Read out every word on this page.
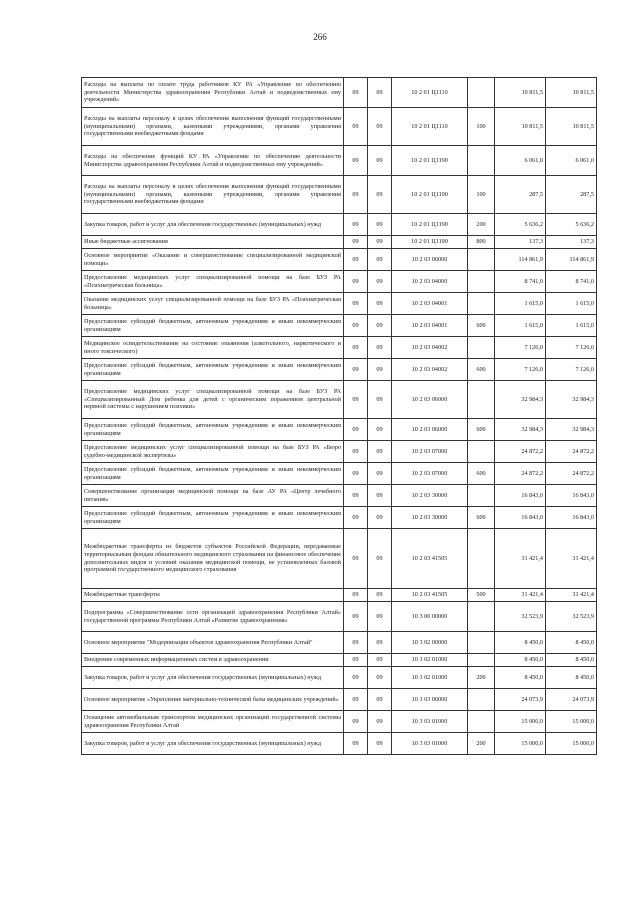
266
Расходы на выплаты по оплате труда работников КУ РА «Управление по обеспечению деятельности Министерства здравоохранения Республики Алтай и подведомственных ему учреждений»	09	09	10 2 01 Ц1110		10 811,5	10 811,5
Расходы на выплаты персоналу в целях обеспечения выполнения функций государственными (муниципальными) органами, казенными учреждениями, органами управления государственными внебюджетными фондами	09	09	10 2 01 Ц1110	100	10 811,5	10 811,5
Расходы на обеспечение функций КУ РА «Управление по обеспечению деятельности Министерства здравоохранения Республики Алтай и подведомственных ему учреждений»	09	09	10 2 01 Ц1190		6 061,0	6 061,0
Расходы на выплаты персоналу в целях обеспечения выполнения функций государственными (муниципальными) органами, казенными учреждениями, органами управления государственными внебюджетными фондами	09	09	10 2 01 Ц1190	100	287,5	287,5
Закупка товаров, работ и услуг для обеспечения государственных (муниципальных) нужд	09	09	10 2 01 Ц1190	200	5 636,2	5 636,2
Иные бюджетные ассигнования	09	09	10 2 01 Ц1190	800	137,3	137,3
Основное мероприятие «Оказание и совершенствование специализированной медицинской помощи»	09	09	10 2 03 00000		114 861,9	114 861,9
Предоставление медицинских услуг специализированной помощи на базе БУЗ РА «Психиатрическая больница»	09	09	10 2 03 04000		8 741,0	8 741,0
Оказание медицинских услуг специализированной помощи на базе БУЗ РА «Психиатрическая больница»	09	09	10 2 03 04001		1 615,0	1 615,0
Предоставление субсидий бюджетным, автономным учреждениям и иным некоммерческим организациям	09	09	10 2 03 04001	600	1 615,0	1 615,0
Медицинское освидетельствование на состояние опьянения (алкогольного, наркотического и иного токсического)	09	09	10 2 03 04002		7 126,0	7 126,0
Предоставление субсидий бюджетным, автономным учреждениям и иным некоммерческим организациям	09	09	10 2 03 04002	600	7 126,0	7 126,0
Предоставление медицинских услуг специализированной помощи на базе БУЗ РА «Специализированный Дом ребенка для детей с органическим поражением центральной нервной системы с нарушением психики»	09	09	10 2 03 06000		32 984,3	32 984,3
Предоставление субсидий бюджетным, автономным учреждениям и иным некоммерческим организациям	09	09	10 2 03 06000	600	32 984,3	32 984,3
Предоставление медицинских услуг специализированной помощи на базе БУЗ РА «Бюро судебно-медицинской экспертизы»	09	09	10 2 03 07000		24 872,2	24 872,2
Предоставление субсидий бюджетным, автономным учреждениям и иным некоммерческим организациям	09	09	10 2 03 07000	600	24 872,2	24 872,2
Совершенствование организации медицинской помощи на базе АУ РА «Центр лечебного питания»	09	09	10 2 03 30000		16 843,0	16 843,0
Предоставление субсидий бюджетным, автономным учреждениям и иным некоммерческим организациям	09	09	10 2 03 30000	600	16 843,0	16 843,0
Межбюджетные трансферты из бюджетов субъектов Российской Федерации, передаваемые территориальным фондам обязательного медицинского страхования на финансовое обеспечение дополнительных видов и условий оказания медицинской помощи, не установленных базовой программой государственного медицинского страхования	09	09	10 2 03 41505		31 421,4	31 421,4
Межбюджетные трансферты	09	09	10 2 03 41505	500	31 421,4	31 421,4
Подпрограмма «Совершенствование сети организаций здравоохранения Республики Алтай» государственной программы Республики Алтай «Развитие здравоохранения»	09	09	10 3 00 00000		32 523,9	32 523,9
Основное мероприятие "Модернизация объектов здравоохранения Республики Алтай"	09	09	10 3 02 00000		8 450,0	8 450,0
Внедрение современных информационных систем в здравоохранении	09	09	10 3 02 01000		8 450,0	8 450,0
Закупка товаров, работ и услуг для обеспечения государственных (муниципальных) нужд	09	09	10 3 02 01000	200	8 450,0	8 450,0
Основное мероприятие «Укрепление материально-технической базы медицинских учреждений»	09	09	10 3 03 00000		24 073,9	24 073,9
Оснащение автомобильным транспортом медицинских организаций государственной системы здравоохранения Республики Алтай	09	09	10 3 03 01000		15 000,0	15 000,0
Закупка товаров, работ и услуг для обеспечения государственных (муниципальных) нужд	09	09	10 3 03 01000	200	15 000,0	15 000,0
